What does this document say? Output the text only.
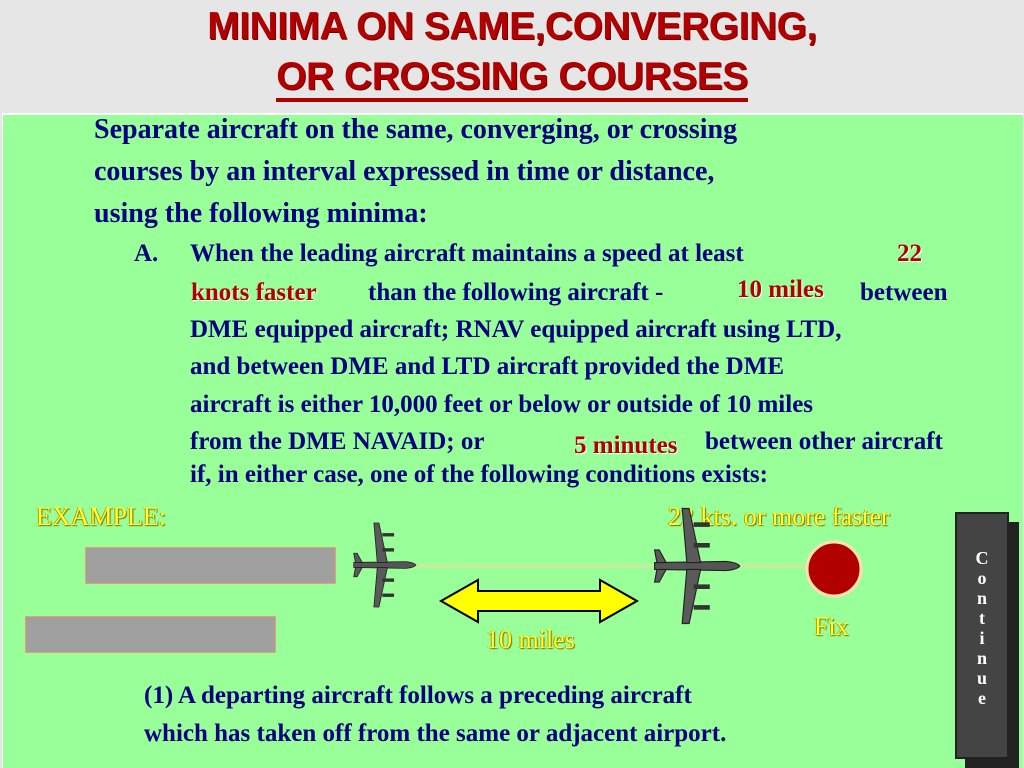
MINIMA ON SAME,CONVERGING,
OR CROSSING COURSES
Separate aircraft on the same, converging, or crossing
courses by an interval expressed in time or distance,
using the following minima:
A. When the leading aircraft maintains a speed at least	22
knots faster than the following aircraft -	10 miles between
DME equipped aircraft; RNAV equipped aircraft using LTD,
and between DME and LTD aircraft provided the DME
aircraft is either 10,000 feet or below or outside of 10 miles
from the DME NAVAID; or	5 minutes between other aircraft
if, in either case, one of the following conditions exists:
EXAMPLE:	22 kts. or more faster
10 miles	Fix
(1) A departing aircraft follows a preceding aircraft
which has taken off from the same or adjacent airport.
C
o
n
t
i
n
u
e
